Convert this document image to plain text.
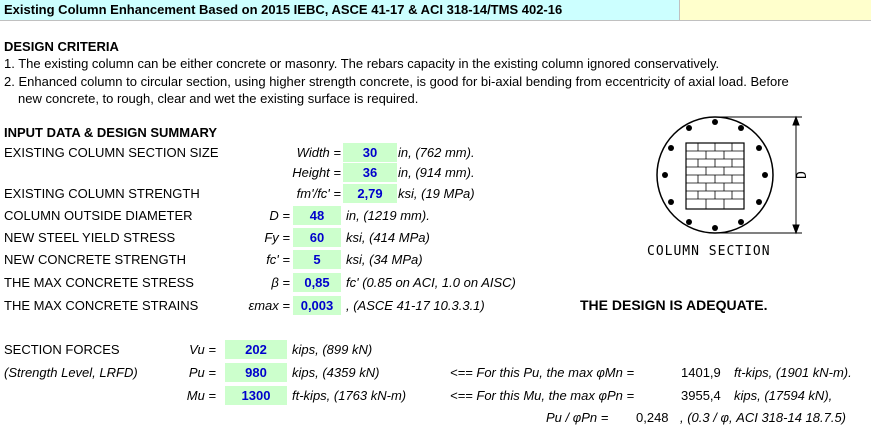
Existing Column Enhancement Based on 2015 IEBC, ASCE 41-17 & ACI 318-14/TMS 402-16
DESIGN CRITERIA
1. The existing column can be either concrete or masonry. The rebars capacity in the existing column ignored conservatively.
2. Enhanced column to circular section, using higher strength concrete, is good for bi-axial bending from eccentricity of axial load. Before
new concrete, to rough, clear and wet the existing surface is required.
INPUT DATA & DESIGN SUMMARY
EXISTING COLUMN SECTION SIZE	Width =	30	in, (762 mm).
Height =	36	in, (914 mm).
EXISTING COLUMN STRENGTH	fm'/fc' =	2,79	ksi, (19 MPa)
COLUMN OUTSIDE DIAMETER	D =	48	in, (1219 mm).
NEW STEEL YIELD STRESS	Fy =	60	ksi, (414 MPa)
NEW CONCRETE STRENGTH	fc' =	5	ksi, (34 MPa)
THE MAX CONCRETE STRESS	β =	0,85	fc' (0.85 on ACI, 1.0 on AISC)
THE MAX CONCRETE STRAINS	εmax = 0,003 , (ASCE 41-17 10.3.3.1)	THE DESIGN IS ADEQUATE.
D
COLUMN SECTION
SECTION FORCES
(Strength Level, LRFD)
Vu =	202	kips, (899 kN)
Pu =	980	kips, (4359 kN)
Mu =	1300	ft-kips, (1763 kN-m)
<== For this Pu, the max φMn =	1401,9 ft-kips, (1901 kN-m).
<== For this Mu, the max φPn =	3955,4 kips, (17594 kN),
Pu / φPn = 0,248 , (0.3 / φ, ACI 318-14 18.7.5)
